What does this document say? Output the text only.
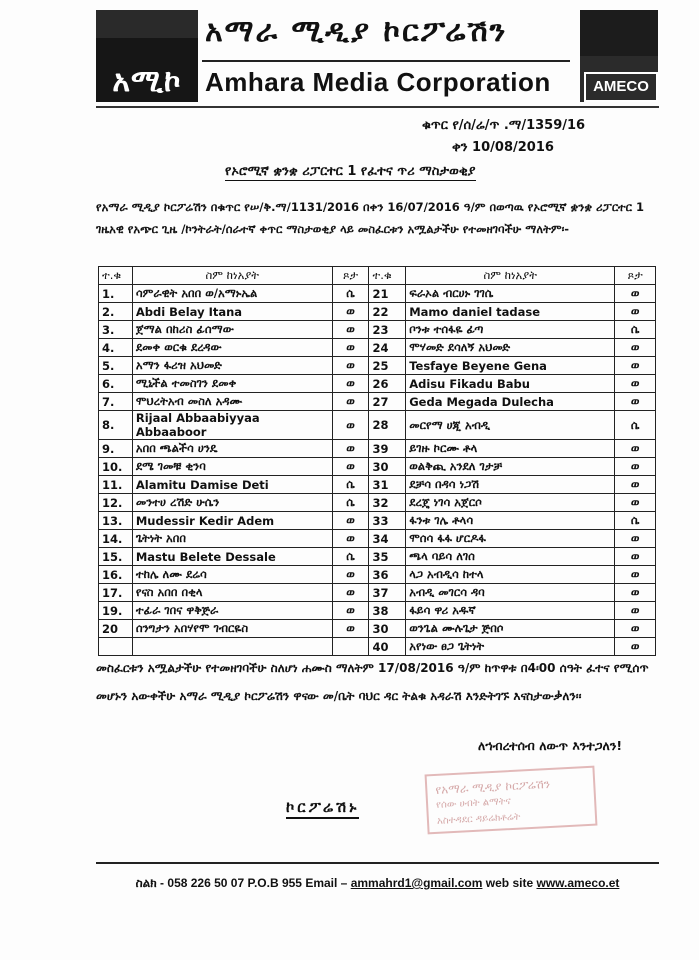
አሚኮ
አማራ ሚዲያ ኮርፖሬሽን
Amhara Media Corporation	AMECO
ቁጥር የ/ሰ/ሬ/ጥ .ማ/1359/16
ቀን 10/08/2016
የኦሮሚኛ ቋንቋ ሪፓርተር 1 የፈተና ጥሪ ማስታወቂያ
የአማራ ሚዲያ ኮርፖሬሽን በቁጥር የሠ/ቅ.ማ/1131/2016 በቀን 16/07/2016 ዓ/ም በወጣዉ የኦሮሚኛ ቋንቋ ሪፓርተር 1 ገዜአዊ የአጭር ጊዜ /ኮንትራት/ሰራተኛ ቀጥር ማስታወቂያ ላይ መስፈርቱን አሟልታችሁ የተመዘገባችሁ ማለትም፡-
ተ.ቁ	ስም ከነአያት	ጾታ	ተ.ቁ	ስም ከነአያት	ጾታ
1.	ሳምራዊት አበበ ወ/አማኑኤል	ሴ	21	ፍራኦል ብርሀኑ ገገሴ	ወ
2.	Abdi Belay Itana	ወ	22	Mamo daniel tadase	ወ
3.	ጀማል በከሪስ ፊሰማው	ወ	23	ቦንቱ ተሰፋዬ ፊጣ	ሴ
4.	ደመቀ ወርቁ ደረዳው	ወ	24	ሞሃመድ ደሳለኝ አህመድ	ወ
5.	አማን ፋሪዝ አህመድ	ወ	25	Tesfaye Beyene Gena	ወ
6.	ሚኒችል ተመስገን ደመቀ	ወ	26	Adisu Fikadu Babu	ወ
7.	ሞህረትአብ መስለ አዳሙ	ወ	27	Geda Megada Dulecha	ወ
8.	Rijaal Abbaabiyyaa Abbaaboor	ወ	28	መርየማ ሀጂ አብዲ	ሴ
9.	አበበ ጫልችሳ ሀንዴ	ወ	39	ይገዙ ኮርሙ ቶላ	ወ
10.	ደሜ ገመቹ ቂንባ	ወ	30	ወልቅጪ አንደለ ገታቻ	ወ
11.	Alamitu Damise Deti	ሴ	31	ደቻሳ በዳሳ ነጋሽ	ወ
12.	መንተሀ ረሽድ ሁሴን	ሴ	32	ደረጄ ነገሳ አጀርሶ	ወ
13.	Mudessir Kedir Adem	ወ	33	ፋንቱ ገሌ ቶላሳ	ሴ
14.	ጌትነት አበበ	ወ	34	ሞሰሳ ፋፋ ሆርዶፋ	ወ
15.	Mastu Belete Dessale	ሴ	35	ጫላ ባይሳ ለገሰ	ወ
16.	ተከሌ ለሙ ደሬሳ	ወ	36	ላጋ አብዲሳ ከተላ	ወ
17.	የናስ አበበ በቂላ	ወ	37	አብዲ መገርሳ ዳባ	ወ
19.	ተፊራ ገበና ዋቅጅራ	ወ	38	ፋይሳ ዋሪ አዱኛ	ወ
20	ሰንግታን አበሃየሞ ገብርዬስ	ወ	30	ወንጌል ሙሉጌታ ጅበሶ	ወ
			40	አየነው ፀጋ ጌትነት	ወ
መስፈርቱን አሟልታችሁ የተመዘገባችሁ ስለሆነ ሐሙስ ማለትም 17/08/2016 ዓ/ም ከጥዋቱ በ4፡00 ሰዓት ፈተና የሚሰጥ መሆኑን አውቀችሁ አማራ ሚዲያ ኮርፖሬሽን ዋናው መ/ቤት ባህር ዳር ትልቁ አዳራሽ እንድትገኙ እናስታውቃለን፡፡
ለኀብረተሰብ ለውጥ እንተጋለን!
የአማራ ሚዲያ ኮርፖሬሽን
የሰው ሀብት ልማትና
አስተዳደር ዳይሬክቶሬት
ኮርፖሬሽኑ
ስልክ - 058 226 50 07 P.O.B 955 Email – ammahrd1@gmail.com web site www.ameco.et
